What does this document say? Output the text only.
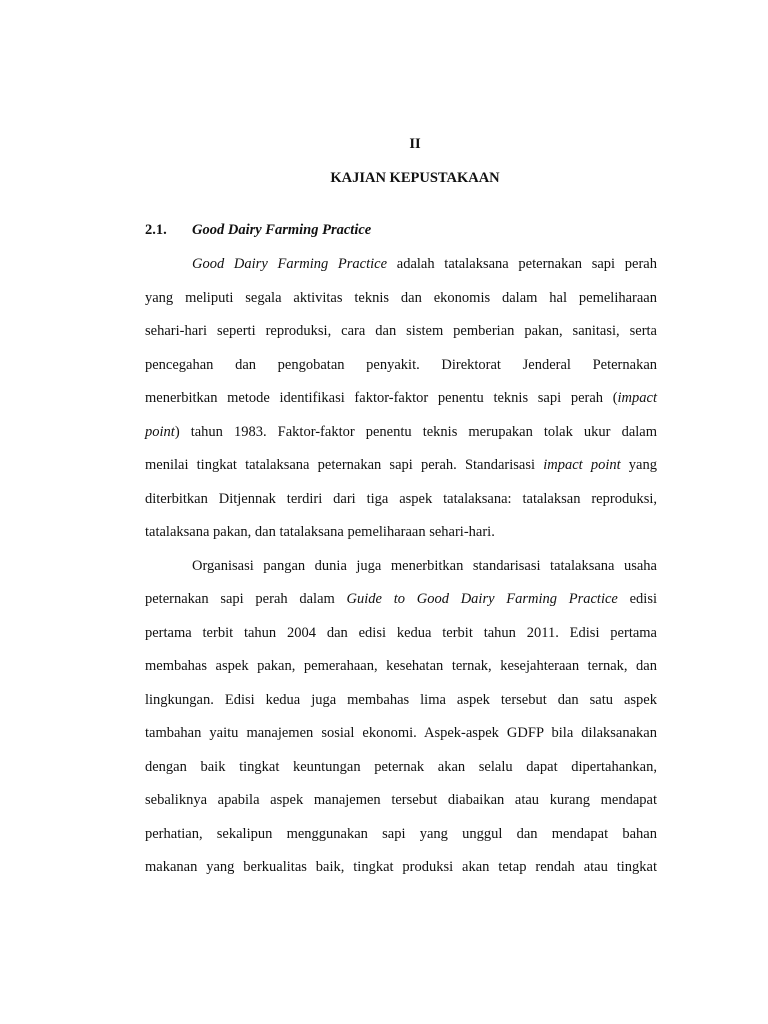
II
KAJIAN KEPUSTAKAAN
2.1. Good Dairy Farming Practice
Good Dairy Farming Practice adalah tatalaksana peternakan sapi perah
yang meliputi segala aktivitas teknis dan ekonomis dalam hal pemeliharaan
sehari-hari seperti reproduksi, cara dan sistem pemberian pakan, sanitasi, serta
pencegahan dan pengobatan penyakit. Direktorat Jenderal Peternakan
menerbitkan metode identifikasi faktor-faktor penentu teknis sapi perah (impact
point) tahun 1983. Faktor-faktor penentu teknis merupakan tolak ukur dalam
menilai tingkat tatalaksana peternakan sapi perah. Standarisasi impact point yang
diterbitkan Ditjennak terdiri dari tiga aspek tatalaksana: tatalaksan reproduksi,
tatalaksana pakan, dan tatalaksana pemeliharaan sehari-hari.
Organisasi pangan dunia juga menerbitkan standarisasi tatalaksana usaha
peternakan sapi perah dalam Guide to Good Dairy Farming Practice edisi
pertama terbit tahun 2004 dan edisi kedua terbit tahun 2011. Edisi pertama
membahas aspek pakan, pemerahaan, kesehatan ternak, kesejahteraan ternak, dan
lingkungan. Edisi kedua juga membahas lima aspek tersebut dan satu aspek
tambahan yaitu manajemen sosial ekonomi. Aspek-aspek GDFP bila dilaksanakan
dengan baik tingkat keuntungan peternak akan selalu dapat dipertahankan,
sebaliknya apabila aspek manajemen tersebut diabaikan atau kurang mendapat
perhatian, sekalipun menggunakan sapi yang unggul dan mendapat bahan
makanan yang berkualitas baik, tingkat produksi akan tetap rendah atau tingkat
